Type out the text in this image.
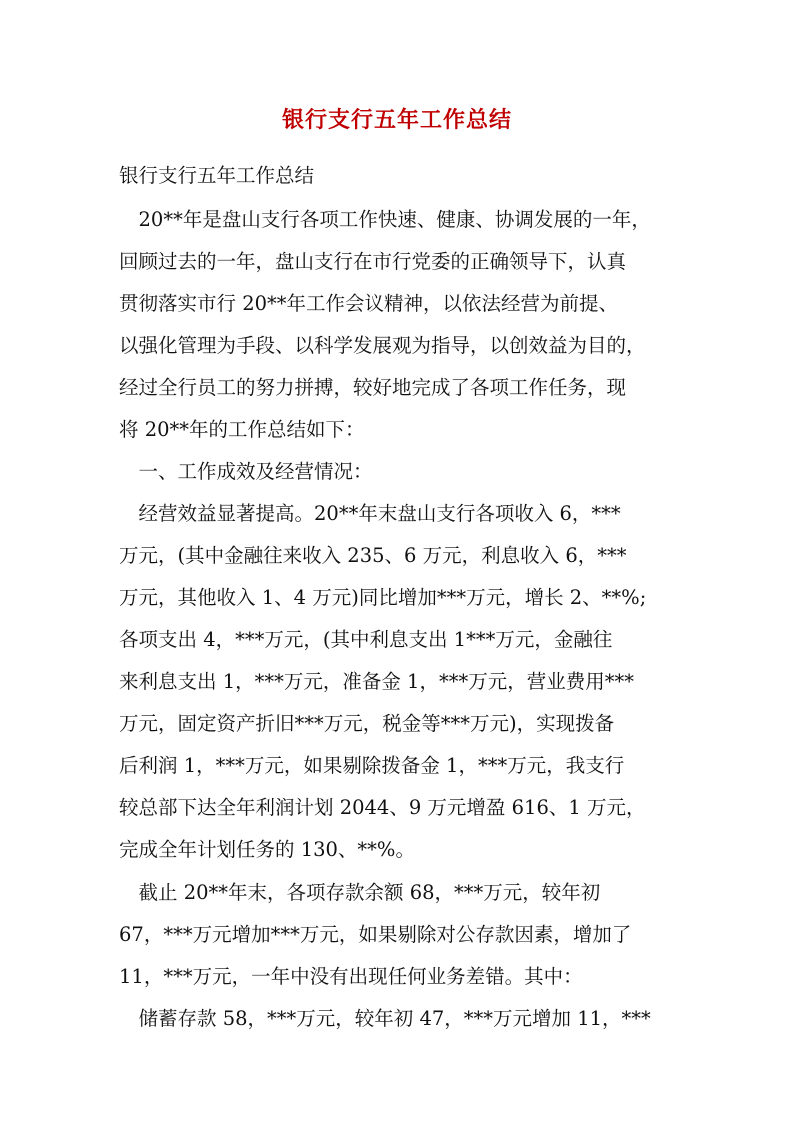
银行支行五年工作总结
银行支行五年工作总结
　20**年是盘山支行各项工作快速、健康、协调发展的一年，
回顾过去的一年，盘山支行在市行党委的正确领导下，认真
贯彻落实市行 20**年工作会议精神，以依法经营为前提、
以强化管理为手段、以科学发展观为指导，以创效益为目的，
经过全行员工的努力拼搏，较好地完成了各项工作任务，现
将 20**年的工作总结如下：
　一、工作成效及经营情况：
　经营效益显著提高。20**年末盘山支行各项收入 6，***
万元，(其中金融往来收入 235、6 万元，利息收入 6，***
万元，其他收入 1、4 万元)同比增加***万元，增长 2、**%;
各项支出 4，***万元，(其中利息支出 1***万元，金融往
来利息支出 1，***万元，准备金 1，***万元，营业费用***
万元，固定资产折旧***万元，税金等***万元)，实现拨备
后利润 1，***万元，如果剔除拨备金 1，***万元，我支行
较总部下达全年利润计划 2044、9 万元增盈 616、1 万元，
完成全年计划任务的 130、**%。
　截止 20**年末，各项存款余额 68，***万元，较年初
67，***万元增加***万元，如果剔除对公存款因素，增加了
11，***万元，一年中没有出现任何业务差错。其中：
　储蓄存款 58，***万元，较年初 47，***万元增加 11，***
